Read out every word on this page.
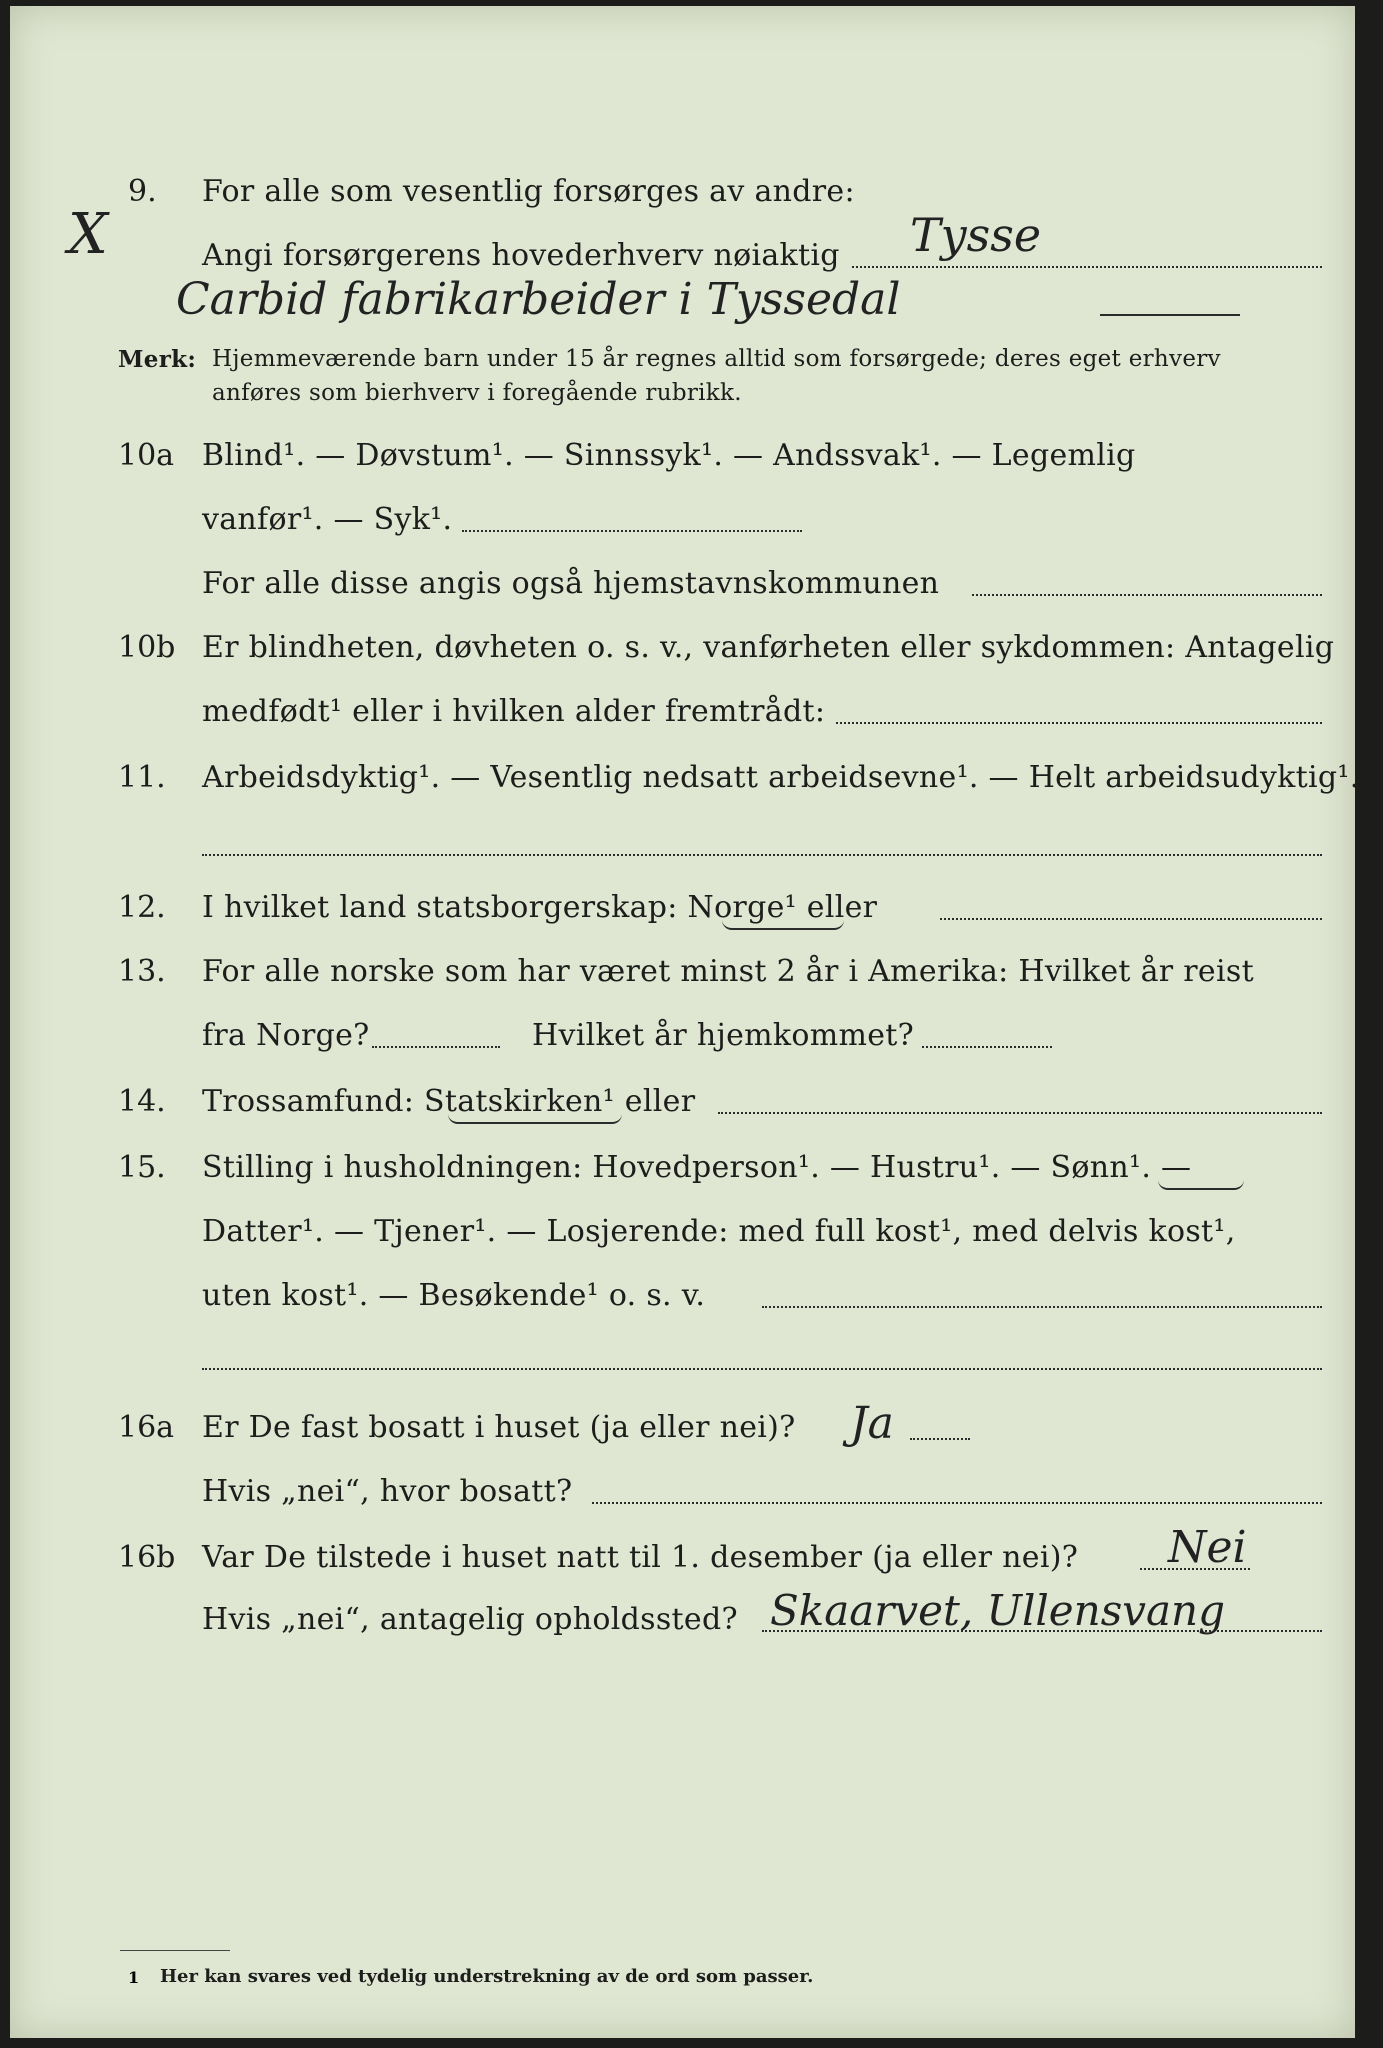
9. For alle som vesentlig forsørges av andre:
X	Angi forsørgerens hovederhverv nøiaktig Tysse
Carbid fabrikarbeider i Tyssedal
Merk: Hjemmeværende barn under 15 år regnes alltid som forsørgede; deres eget erhverv
anføres som bierhverv i foregående rubrikk.
10a Blind¹. — Døvstum¹. — Sinnssyk¹. — Andssvak¹. — Legemlig
vanfør¹. — Syk¹.
For alle disse angis også hjemstavnskommunen
10b Er blindheten, døvheten o. s. v., vanførheten eller sykdommen: Antagelig
medfødt¹ eller i hvilken alder fremtrådt:
11. Arbeidsdyktig¹. — Vesentlig nedsatt arbeidsevne¹. — Helt arbeidsudyktig¹.
12. I hvilket land statsborgerskap: Norge¹ eller
13. For alle norske som har været minst 2 år i Amerika: Hvilket år reist
fra Norge?	Hvilket år hjemkommet?
14. Trossamfund: Statskirken¹ eller
15. Stilling i husholdningen: Hovedperson¹. — Hustru¹. — Sønn¹. —
Datter¹. — Tjener¹. — Losjerende: med full kost¹, med delvis kost¹,
uten kost¹. — Besøkende¹ o. s. v.
16a Er De fast bosatt i huset (ja eller nei)? Ja
Hvis „nei“, hvor bosatt?
16b Var De tilstede i huset natt til 1. desember (ja eller nei)? Nei
Hvis „nei“, antagelig opholdssted? Skaarvet, Ullensvang
1 Her kan svares ved tydelig understrekning av de ord som passer.
